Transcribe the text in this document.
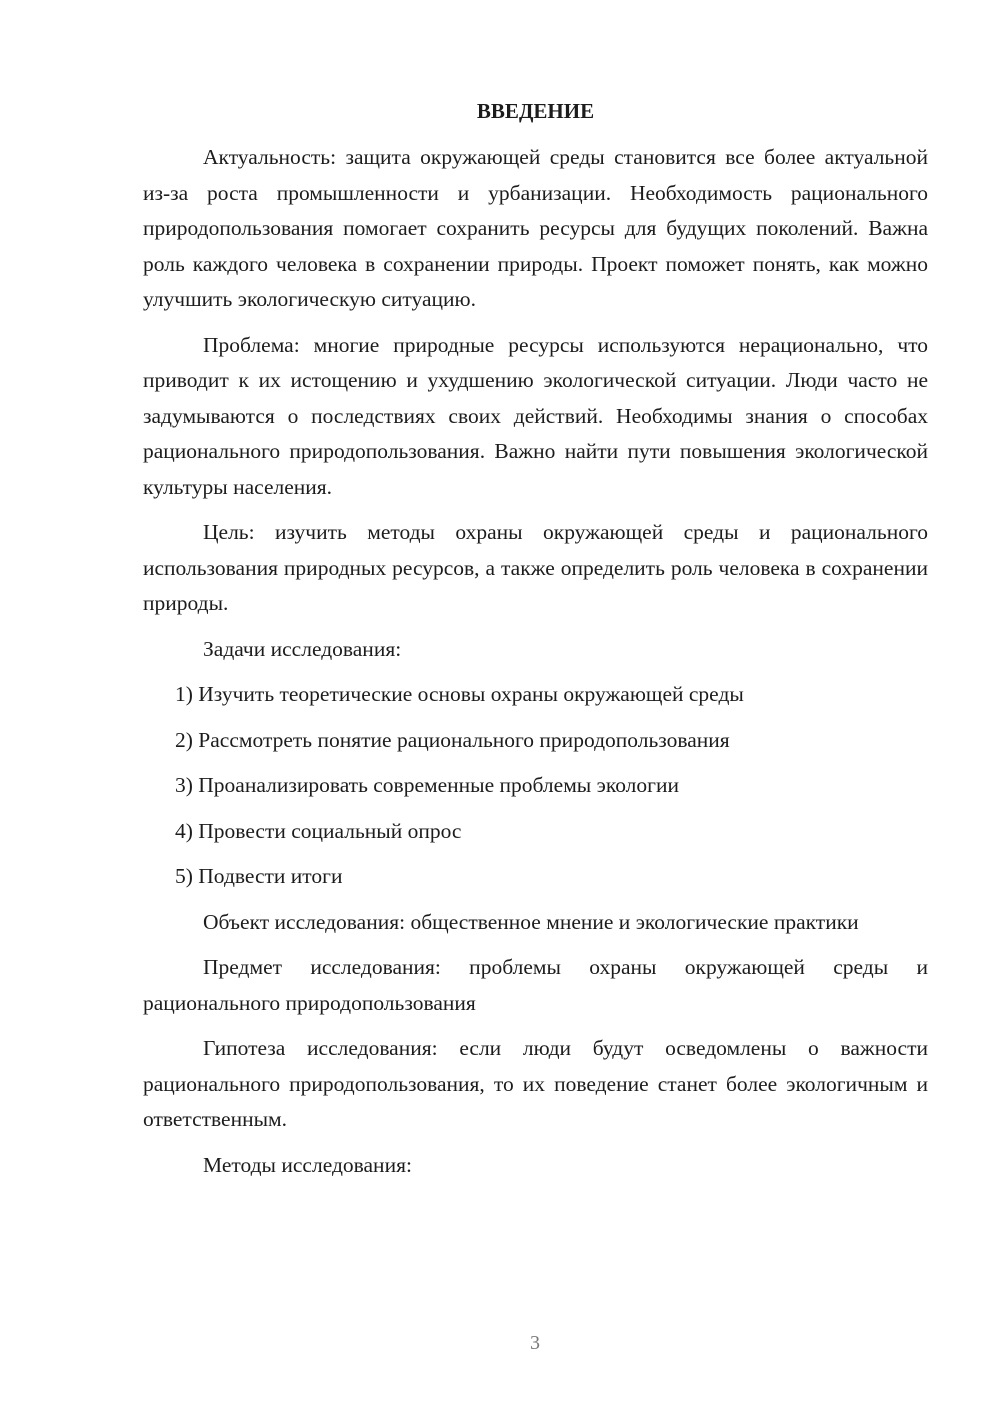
ВВЕДЕНИЕ

Актуальность: защита окружающей среды становится все более актуальной из-за роста промышленности и урбанизации. Необходимость рационального природопользования помогает сохранить ресурсы для будущих поколений. Важна роль каждого человека в сохранении природы. Проект поможет понять, как можно улучшить экологическую ситуацию.

Проблема: многие природные ресурсы используются нерационально, что приводит к их истощению и ухудшению экологической ситуации. Люди часто не задумываются о последствиях своих действий. Необходимы знания о способах рационального природопользования. Важно найти пути повышения экологической культуры населения.

Цель: изучить методы охраны окружающей среды и рационального использования природных ресурсов, а также определить роль человека в сохранении природы.

Задачи исследования:

1) Изучить теоретические основы охраны окружающей среды
2) Рассмотреть понятие рационального природопользования
3) Проанализировать современные проблемы экологии
4) Провести социальный опрос
5) Подвести итоги

Объект исследования: общественное мнение и экологические практики

Предмет исследования: проблемы охраны окружающей среды и рационального природопользования

Гипотеза исследования: если люди будут осведомлены о важности рационального природопользования, то их поведение станет более экологичным и ответственным.

Методы исследования:

3
